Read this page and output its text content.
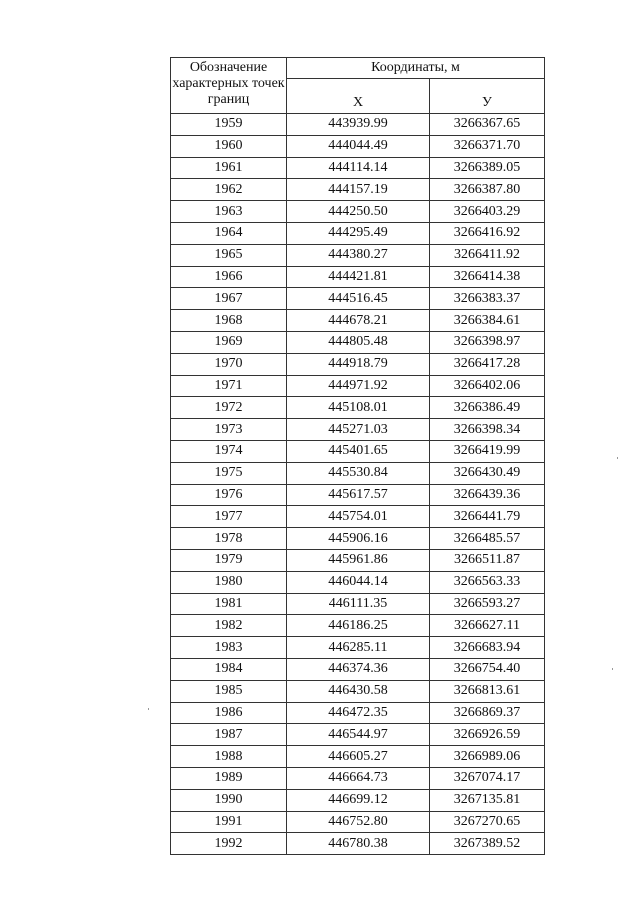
Обозначение характерных точек границ	Координаты, м	
	X	У
1959	443939.99	3266367.65
1960	444044.49	3266371.70
1961	444114.14	3266389.05
1962	444157.19	3266387.80
1963	444250.50	3266403.29
1964	444295.49	3266416.92
1965	444380.27	3266411.92
1966	444421.81	3266414.38
1967	444516.45	3266383.37
1968	444678.21	3266384.61
1969	444805.48	3266398.97
1970	444918.79	3266417.28
1971	444971.92	3266402.06
1972	445108.01	3266386.49
1973	445271.03	3266398.34
1974	445401.65	3266419.99
1975	445530.84	3266430.49
1976	445617.57	3266439.36
1977	445754.01	3266441.79
1978	445906.16	3266485.57
1979	445961.86	3266511.87
1980	446044.14	3266563.33
1981	446111.35	3266593.27
1982	446186.25	3266627.11
1983	446285.11	3266683.94
1984	446374.36	3266754.40
1985	446430.58	3266813.61
1986	446472.35	3266869.37
1987	446544.97	3266926.59
1988	446605.27	3266989.06
1989	446664.73	3267074.17
1990	446699.12	3267135.81
1991	446752.80	3267270.65
1992	446780.38	3267389.52
